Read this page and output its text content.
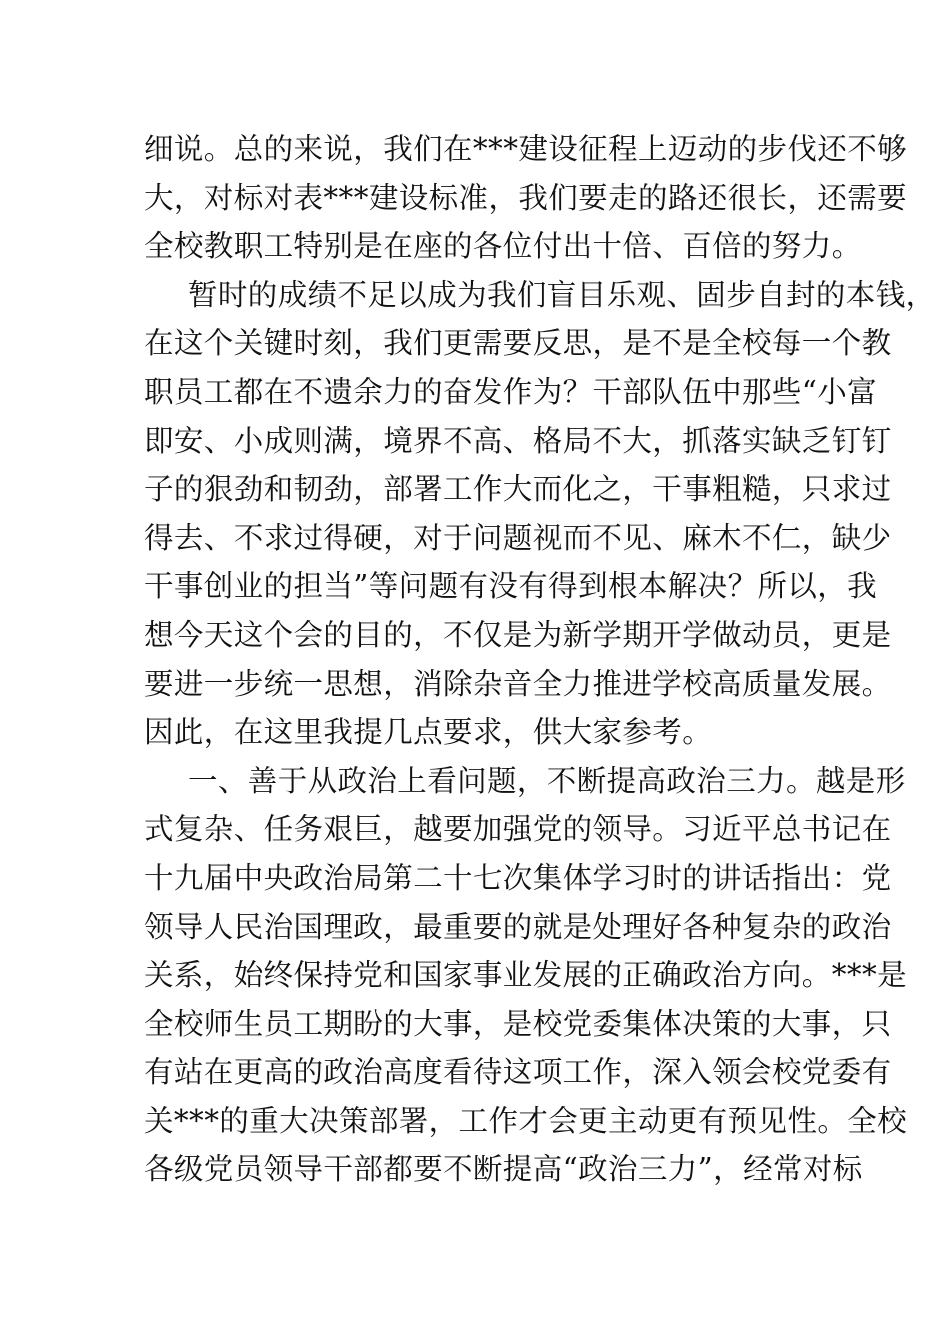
细说。总的来说，我们在***建设征程上迈动的步伐还不够
大，对标对表***建设标准，我们要走的路还很长，还需要
全校教职工特别是在座的各位付出十倍、百倍的努力。
暂时的成绩不足以成为我们盲目乐观、固步自封的本钱，
在这个关键时刻，我们更需要反思，是不是全校每一个教
职员工都在不遗余力的奋发作为？干部队伍中那些“小富
即安、小成则满，境界不高、格局不大，抓落实缺乏钉钉
子的狠劲和韧劲，部署工作大而化之，干事粗糙，只求过
得去、不求过得硬，对于问题视而不见、麻木不仁，缺少
干事创业的担当”等问题有没有得到根本解决？所以，我
想今天这个会的目的，不仅是为新学期开学做动员，更是
要进一步统一思想，消除杂音全力推进学校高质量发展。
因此，在这里我提几点要求，供大家参考。
一、善于从政治上看问题，不断提高政治三力。越是形
式复杂、任务艰巨，越要加强党的领导。习近平总书记在
十九届中央政治局第二十七次集体学习时的讲话指出：党
领导人民治国理政，最重要的就是处理好各种复杂的政治
关系，始终保持党和国家事业发展的正确政治方向。***是
全校师生员工期盼的大事，是校党委集体决策的大事，只
有站在更高的政治高度看待这项工作，深入领会校党委有
关***的重大决策部署，工作才会更主动更有预见性。全校
各级党员领导干部都要不断提高“政治三力”，经常对标
